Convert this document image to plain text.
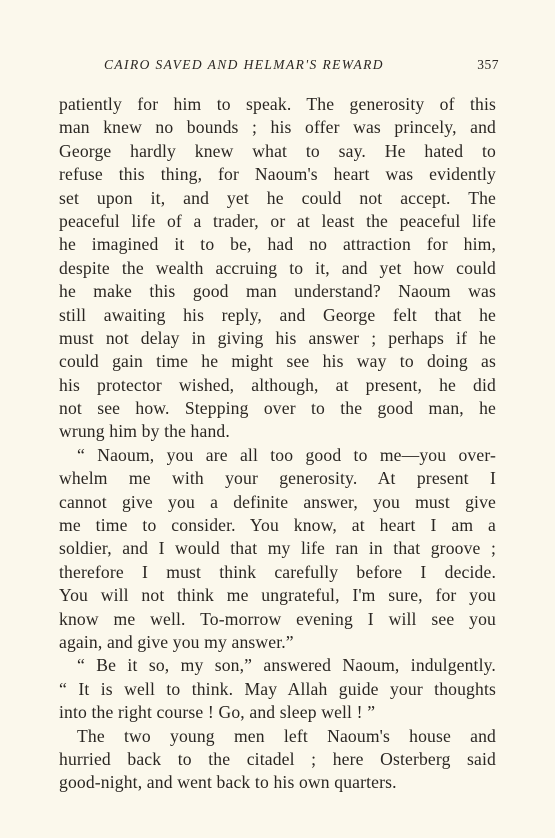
CAIRO SAVED AND HELMAR'S REWARD	357
patiently for him to speak. The generosity of this
man knew no bounds ; his offer was princely, and
George hardly knew what to say. He hated to
refuse this thing, for Naoum's heart was evidently
set upon it, and yet he could not accept. The
peaceful life of a trader, or at least the peaceful life
he imagined it to be, had no attraction for him,
despite the wealth accruing to it, and yet how could
he make this good man understand? Naoum was
still awaiting his reply, and George felt that he
must not delay in giving his answer ; perhaps if he
could gain time he might see his way to doing as
his protector wished, although, at present, he did
not see how. Stepping over to the good man, he
wrung him by the hand.
“ Naoum, you are all too good to me—you over-
whelm me with your generosity. At present I
cannot give you a definite answer, you must give
me time to consider. You know, at heart I am a
soldier, and I would that my life ran in that groove ;
therefore I must think carefully before I decide.
You will not think me ungrateful, I'm sure, for you
know me well. To-morrow evening I will see you
again, and give you my answer.”
“ Be it so, my son,” answered Naoum, indulgently.
“ It is well to think. May Allah guide your thoughts
into the right course ! Go, and sleep well ! ”
The two young men left Naoum's house and
hurried back to the citadel ; here Osterberg said
good-night, and went back to his own quarters.
